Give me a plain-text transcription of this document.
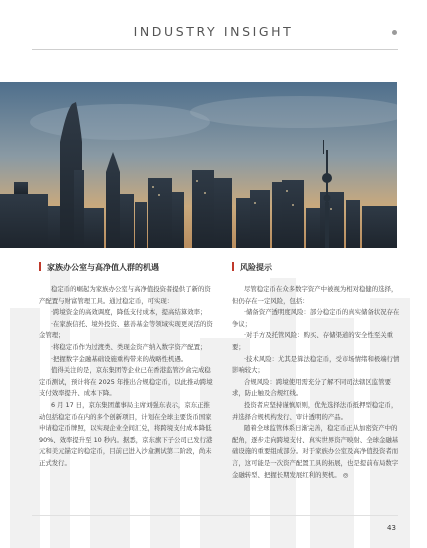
INDUSTRY INSIGHT
家族办公室与高净值人群的机遇

稳定币的崛起为家族办公室与高净值投资者提供了新的资产配置与财富管理工具。通过稳定币，可实现：

·跨境资金的高效调度，降低支付成本，提高结算效率；

·在家族信托、境外投资、慈善基金等领域实现更灵活的资金管理；

·将稳定币作为过渡类、类现金资产纳入数字资产配置；

·把握数字金融基础设施重构带来的战略性机遇。

值得关注的是，京东集团等企业已在香港监管沙盒完成稳定币测试，预计将在 2025 年推出合规稳定币，以此推动跨境支付效率提升、成本下降。

6 月 17 日，京东集团董事局主席刘强东表示，京东正推动包括稳定币在内的多个创新项目，计划在全球主要货币国家申请稳定币牌照，以实现企业全间汇兑，将跨境支付成本降低 90%、效率提升至 10 秒内。据悉，京东旗下子公司已发行港元和美元锚定的稳定币，目前已进入沙盒测试第二阶段，尚未正式发行。

风险提示

尽管稳定币在众多数字资产中被视为相对稳健的选择，但仍存在一定风险，包括：

·储备资产透明度风险：部分稳定币的真实储备状况存在争议；

·对手方及托管风险：购买、存储渠道的安全性至关重要；

·技术风险：尤其是算法稳定币，受市场情绪和极端行情影响较大；

合规风险：跨境使用需充分了解不同司法辖区监管要求，防止触及合规红线。

投资者应坚持谨慎原则，优先选择法币抵押型稳定币，并选择合规机构发行、审计透明的产品。

随着全球监管体系日渐完善，稳定币正从加密资产中的配角，逐步走向跨境支付、真实世界资产映射、全球金融基础设施的重要组成部分。对于家族办公室及高净值投资者而言，这可能是一次资产配置工具的拓展，也是提前布局数字金融转型、把握长期发展红利的契机。 ◎

43
